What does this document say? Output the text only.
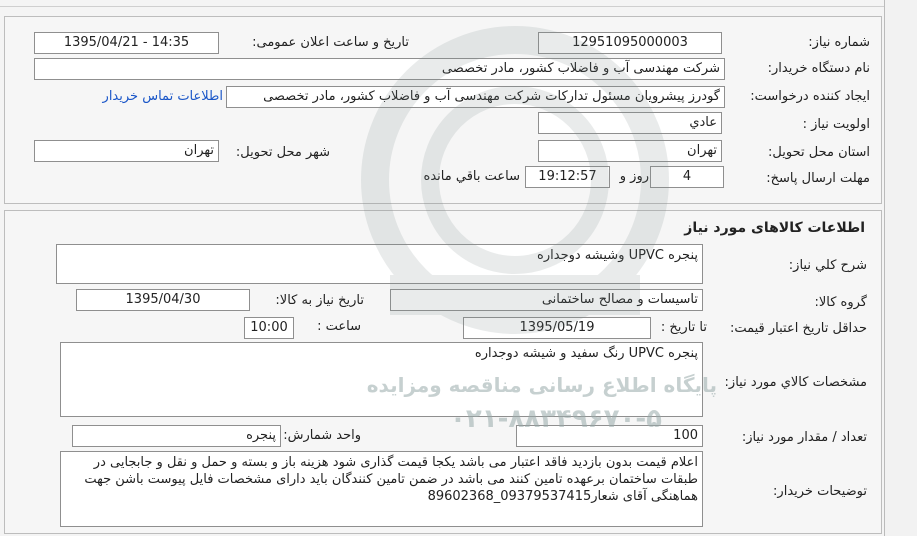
شماره نیاز:
12951095000003
تاریخ و ساعت اعلان عمومی:
1395/04/21 - 14:35
نام دستگاه خریدار:
شرکت مهندسی آب و فاضلاب کشور، مادر تخصصی
ایجاد کننده درخواست:
گودرز پیشرویان مسئول تدارکات شرکت مهندسی آب و فاضلاب کشور، مادر تخصصی
اطلاعات تماس خریدار
اولویت نیاز :
عادي
استان محل تحویل:
تهران
شهر محل تحویل:
تهران
مهلت ارسال پاسخ:
4
روز و
19:12:57
ساعت باقي مانده
اطلاعات کالاهای مورد نیاز
شرح کلي نیاز:
پنجره UPVC وشیشه دوجداره
گروه کالا:
تاسیسات و مصالح ساختمانی
تاریخ نیاز به کالا:
1395/04/30
حداقل تاریخ اعتبار قیمت:
تا تاریخ :
1395/05/19
ساعت :
10:00
مشخصات کالاي مورد نیاز:
پنجره UPVC رنگ سفید و شیشه دوجداره
تعداد / مقدار مورد نیاز:
100
واحد شمارش:
پنجره
توضیحات خریدار:
اعلام قیمت بدون بازدید فاقد اعتبار می باشد یکجا قیمت گذاری شود هزینه باز و بسته و حمل و نقل و جابجایی در طبقات ساختمان برعهده تامین کنند می باشد در ضمن تامین کنندگان باید دارای مشخصات فایل پیوست باشن جهت هماهنگی آقای شعار09379537415_89602368
پایگاه اطلاع رسانی مناقصه ومزایده
۰۲۱-۸۸۳۴۹۶۷۰-۵
